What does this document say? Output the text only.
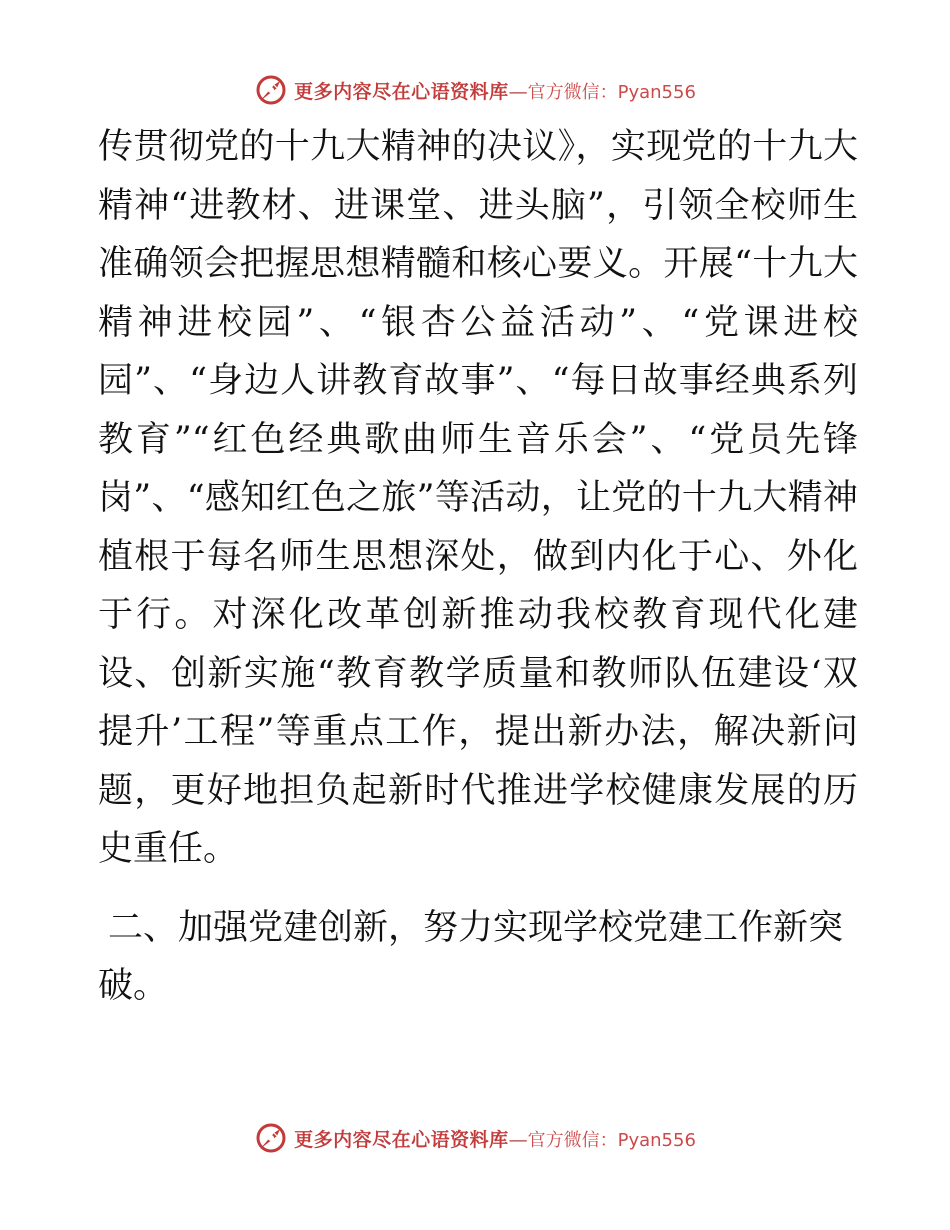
更多内容尽在心语资料库 — 官方微信：Pyan556

传贯彻党的十九大精神的决议》，实现党的十九大精神“进教材、进课堂、进头脑”，引领全校师生准确领会把握思想精髓和核心要义。开展“十九大精神进校园”、“银杏公益活动”、“党课进校园”、“身边人讲教育故事”、“每日故事经典系列教育”“红色经典歌曲师生音乐会”、“党员先锋岗”、“感知红色之旅”等活动，让党的十九大精神植根于每名师生思想深处，做到内化于心、外化于行。对深化改革创新推动我校教育现代化建设、创新实施“教育教学质量和教师队伍建设‘双提升’工程”等重点工作，提出新办法，解决新问题，更好地担负起新时代推进学校健康发展的历史重任。

二、加强党建创新，努力实现学校党建工作新突破。

更多内容尽在心语资料库 — 官方微信：Pyan556
